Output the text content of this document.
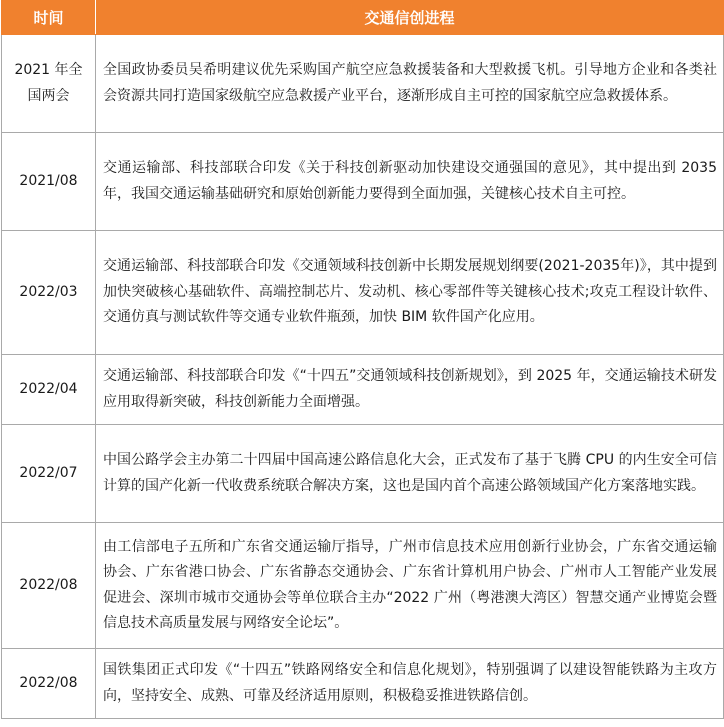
时间	交通信创进程
2021 年全国两会	全国政协委员吴希明建议优先采购国产航空应急救援装备和大型救援飞机。引导地方企业和各类社会资源共同打造国家级航空应急救援产业平台，逐渐形成自主可控的国家航空应急救援体系。
2021/08	交通运输部、科技部联合印发《关于科技创新驱动加快建设交通强国的意见》，其中提出到 2035 年，我国交通运输基础研究和原始创新能力要得到全面加强，关键核心技术自主可控。
2022/03	交通运输部、科技部联合印发《交通领域科技创新中长期发展规划纲要(2021-2035年)》，其中提到加快突破核心基础软件、高端控制芯片、发动机、核心零部件等关键核心技术;攻克工程设计软件、交通仿真与测试软件等交通专业软件瓶颈，加快 BIM 软件国产化应用。
2022/04	交通运输部、科技部联合印发《“十四五”交通领域科技创新规划》，到 2025 年，交通运输技术研发应用取得新突破，科技创新能力全面增强。
2022/07	中国公路学会主办第二十四届中国高速公路信息化大会，正式发布了基于飞腾 CPU 的内生安全可信计算的国产化新一代收费系统联合解决方案，这也是国内首个高速公路领域国产化方案落地实践。
2022/08	由工信部电子五所和广东省交通运输厅指导，广州市信息技术应用创新行业协会，广东省交通运输协会、广东省港口协会、广东省静态交通协会、广东省计算机用户协会、广州市人工智能产业发展促进会、深圳市城市交通协会等单位联合主办“2022 广州（粤港澳大湾区）智慧交通产业博览会暨信息技术高质量发展与网络安全论坛”。
2022/08	国铁集团正式印发《“十四五”铁路网络安全和信息化规划》，特别强调了以建设智能铁路为主攻方向，坚持安全、成熟、可靠及经济适用原则，积极稳妥推进铁路信创。
